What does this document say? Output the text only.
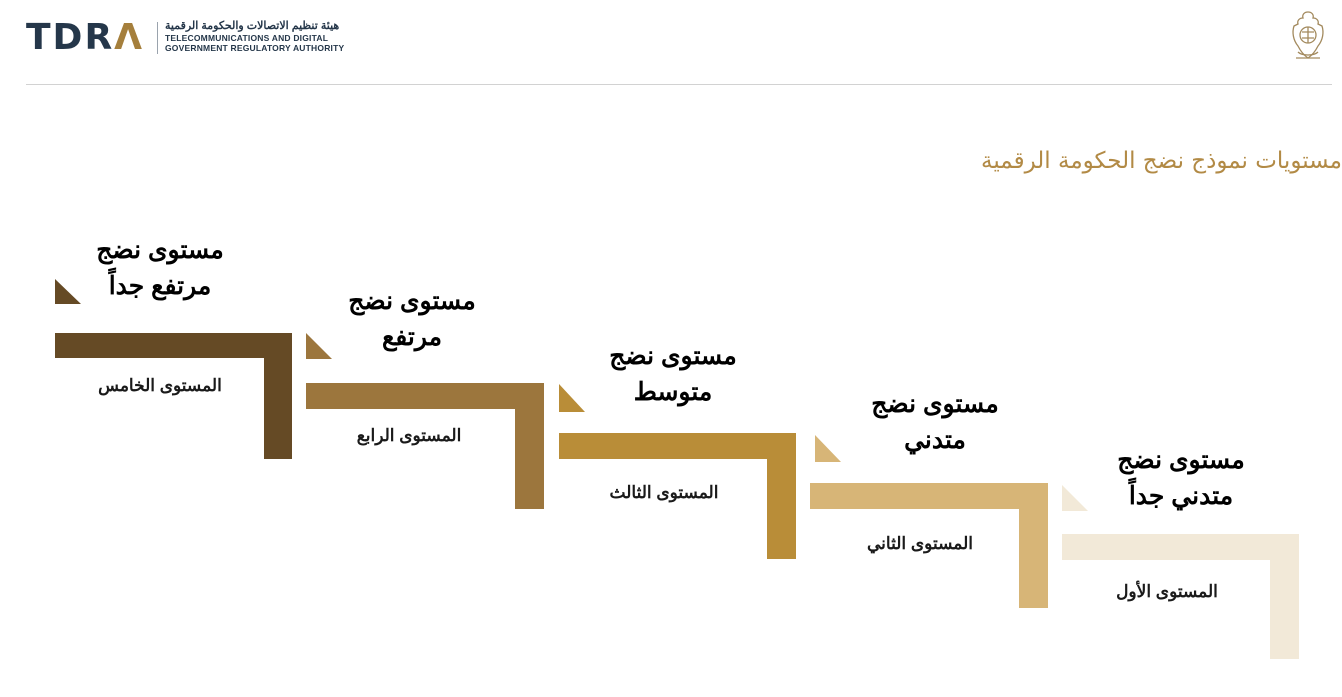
TDRΛ هيئة تنظيم الاتصالات والحكومة الرقمية
TELECOMMUNICATIONS AND DIGITAL
GOVERNMENT REGULATORY AUTHORITY
مستويات نموذج نضج الحكومة الرقمية
مستوى نضج
مرتفع جداً
المستوى الخامس
مستوى نضج
مرتفع
المستوى الرابع
مستوى نضج
متوسط
المستوى الثالث
مستوى نضج
متدني
المستوى الثاني
مستوى نضج
متدني جداً
المستوى الأول
